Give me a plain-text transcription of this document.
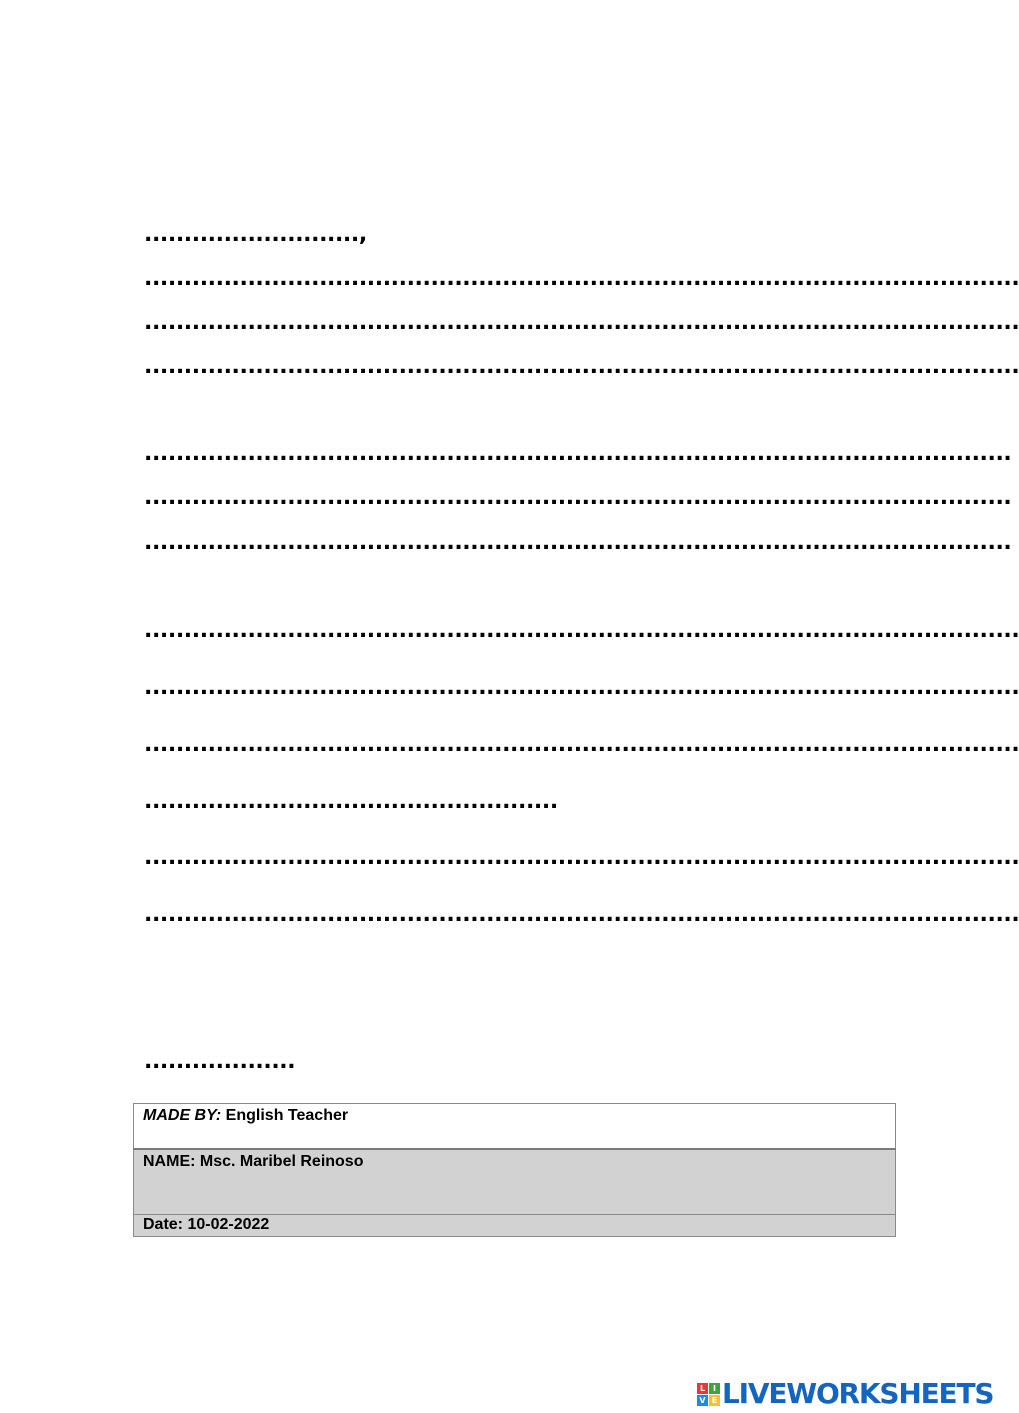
...........................,
..............................................................................................................
..............................................................................................................
..............................................................................................................
.............................................................................................................
.............................................................................................................
.............................................................................................................
..............................................................................................................
..............................................................................................................
..............................................................................................................
....................................................
..............................................................................................................
..............................................................................................................
...................
MADE BY: English Teacher
NAME: Msc. Maribel Reinoso
Date: 10-02-2022
L I
V E LIVEWORKSHEETS
